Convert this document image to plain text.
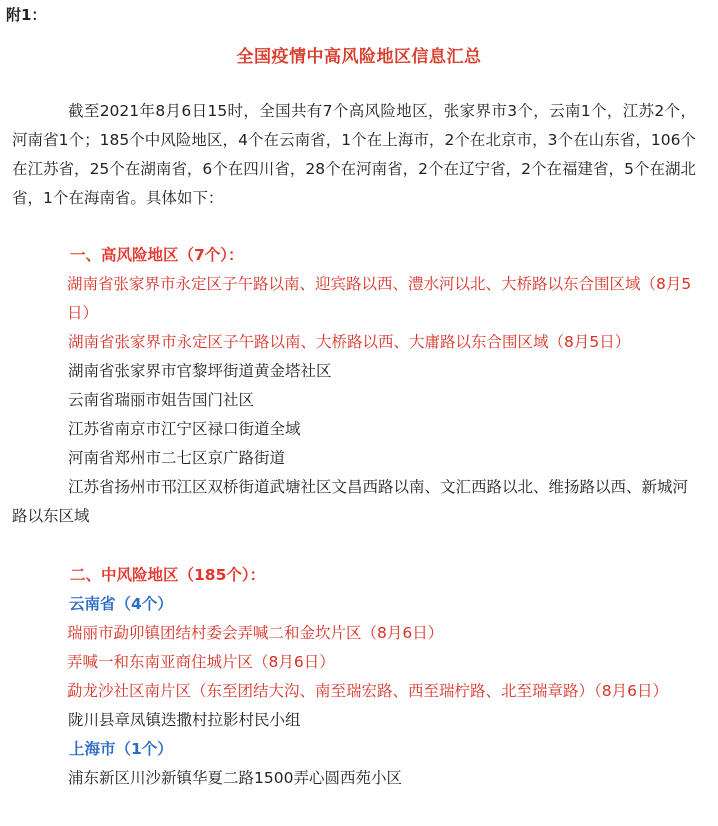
附1：
全国疫情中高风险地区信息汇总
截至2021年8月6日15时，全国共有7个高风险地区，张家界市3个，云南1个，江苏2个，河南省1个；185个中风险地区，4个在云南省，1个在上海市，2个在北京市，3个在山东省，106个在江苏省，25个在湖南省，6个在四川省，28个在河南省，2个在辽宁省，2个在福建省，5个在湖北省，1个在海南省。具体如下：
一、高风险地区（7个）：
湖南省张家界市永定区子午路以南、迎宾路以西、澧水河以北、大桥路以东合围区域（8月5日）
湖南省张家界市永定区子午路以南、大桥路以西、大庸路以东合围区域（8月5日）
湖南省张家界市官黎坪街道黄金塔社区
云南省瑞丽市姐告国门社区
江苏省南京市江宁区禄口街道全域
河南省郑州市二七区京广路街道
江苏省扬州市邗江区双桥街道武塘社区文昌西路以南、文汇西路以北、维扬路以西、新城河路以东区域
二、中风险地区（185个）：
云南省（4个）
瑞丽市勐卯镇团结村委会弄喊二和金坎片区（8月6日）
弄喊一和东南亚商住城片区（8月6日）
勐龙沙社区南片区（东至团结大沟、南至瑞宏路、西至瑞柠路、北至瑞章路）（8月6日）
陇川县章凤镇迭撒村拉影村民小组
上海市（1个）
浦东新区川沙新镇华夏二路1500弄心圆西苑小区
